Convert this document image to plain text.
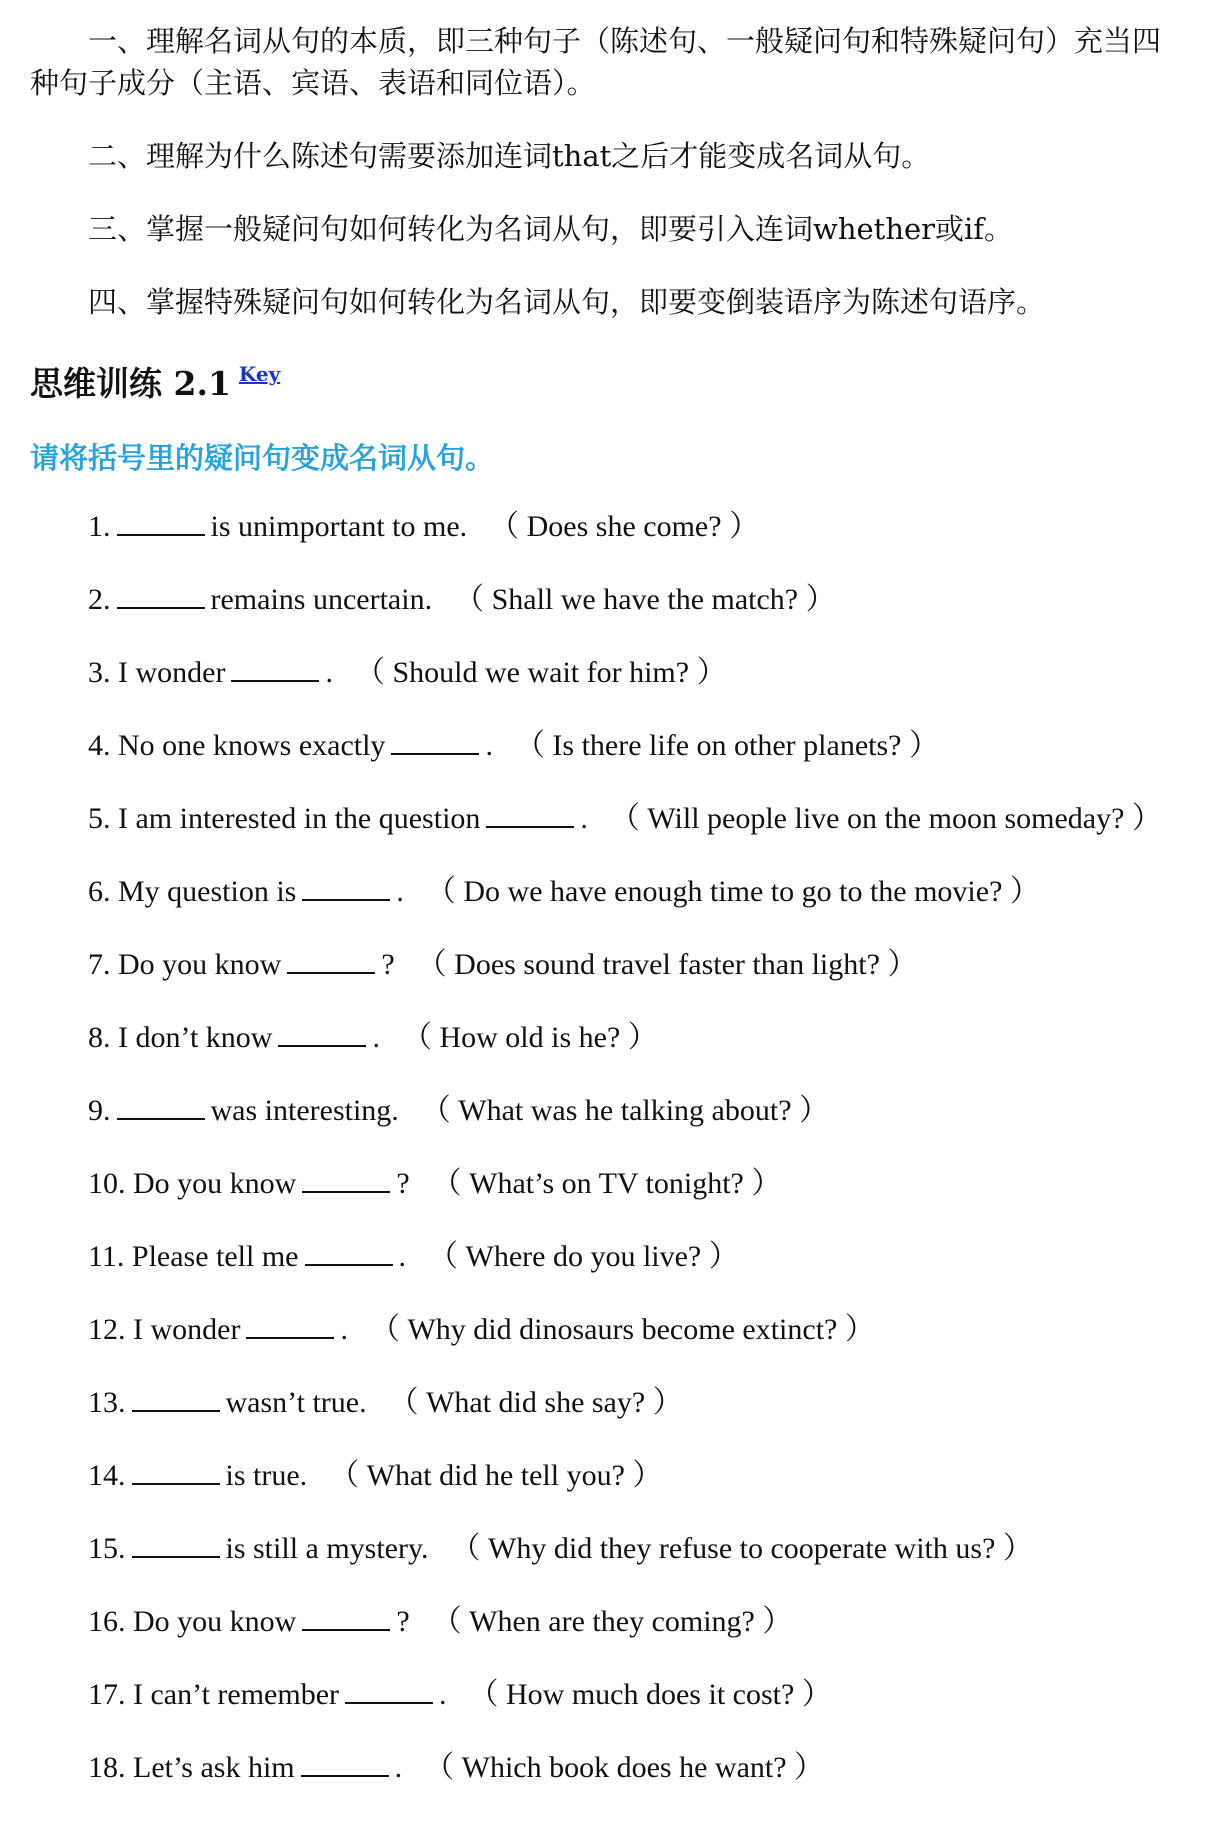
一、理解名词从句的本质，即三种句子（陈述句、一般疑问句和特殊疑问句）充当四种句子成分（主语、宾语、表语和同位语）。
二、理解为什么陈述句需要添加连词that之后才能变成名词从句。
三、掌握一般疑问句如何转化为名词从句，即要引入连词whether或if。
四、掌握特殊疑问句如何转化为名词从句，即要变倒装语序为陈述句语序。
思维训练 2.1 $^{Key}$
请将括号里的疑问句变成名词从句。
1.	is unimportant to me. （ Does she come? ）
2.	remains uncertain. （ Shall we have the match? ）
3. I wonder	. （ Should we wait for him? ）
4. No one knows exactly	. （ Is there life on other planets? ）
5. I am interested in the question	. （ Will people live on the moon someday? ）
6. My question is	. （ Do we have enough time to go to the movie? ）
7. Do you know	? （ Does sound travel faster than light? ）
8. I don’t know	. （ How old is he? ）
9.	was interesting. （ What was he talking about? ）
10. Do you know	? （ What’s on TV tonight? ）
11. Please tell me	. （ Where do you live? ）
12. I wonder	. （ Why did dinosaurs become extinct? ）
13.	wasn’t true. （ What did she say? ）
14.	is true. （ What did he tell you? ）
15.	is still a mystery. （ Why did they refuse to cooperate with us? ）
16. Do you know	? （ When are they coming? ）
17. I can’t remember	. （ How much does it cost? ）
18. Let’s ask him	. （ Which book does he want? ）
